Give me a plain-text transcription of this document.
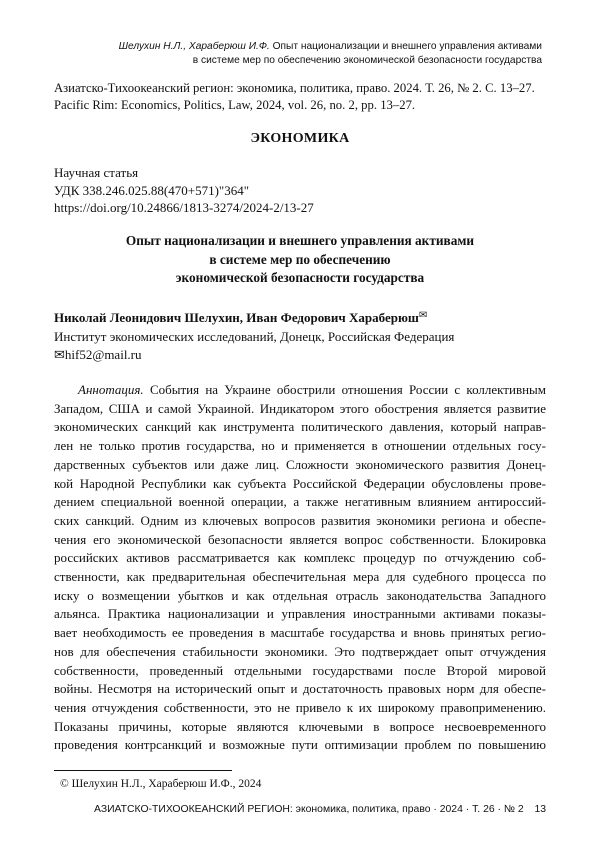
Шелухин Н.Л., Хараберюш И.Ф. Опыт национализации и внешнего управления активами
в системе мер по обеспечению экономической безопасности государства
Азиатско-Тихоокеанский регион: экономика, политика, право. 2024. Т. 26, № 2. С. 13–27.
Pacific Rim: Economics, Politics, Law, 2024, vol. 26, no. 2, pp. 13–27.
ЭКОНОМИКА
Научная статья
УДК 338.246.025.88(470+571)"364"
https://doi.org/10.24866/1813-3274/2024-2/13-27
Опыт национализации и внешнего управления активами
в системе мер по обеспечению
экономической безопасности государства
Николай Леонидович Шелухин, Иван Федорович Хараберюш✉
Институт экономических исследований, Донецк, Российская Федерация
✉hif52@mail.ru
Аннотация. События на Украине обострили отношения России с коллективным
Западом, США и самой Украиной. Индикатором этого обострения является развитие
экономических санкций как инструмента политического давления, который направ-
лен не только против государства, но и применяется в отношении отдельных госу-
дарственных субъектов или даже лиц. Сложности экономического развития Донец-
кой Народной Республики как субъекта Российской Федерации обусловлены прове-
дением специальной военной операции, а также негативным влиянием антироссий-
ских санкций. Одним из ключевых вопросов развития экономики региона и обеспе-
чения его экономической безопасности является вопрос собственности. Блокировка
российских активов рассматривается как комплекс процедур по отчуждению соб-
ственности, как предварительная обеспечительная мера для судебного процесса по
иску о возмещении убытков и как отдельная отрасль законодательства Западного
альянса. Практика национализации и управления иностранными активами показы-
вает необходимость ее проведения в масштабе государства и вновь принятых регио-
нов для обеспечения стабильности экономики. Это подтверждает опыт отчуждения
собственности, проведенный отдельными государствами после Второй мировой
войны. Несмотря на исторический опыт и достаточность правовых норм для обеспе-
чения отчуждения собственности, это не привело к их широкому правоприменению.
Показаны причины, которые являются ключевыми в вопросе несвоевременного
проведения контрсанкций и возможные пути оптимизации проблем по повышению
© Шелухин Н.Л., Хараберюш И.Ф., 2024
АЗИАТСКО-ТИХООКЕАНСКИЙ РЕГИОН: экономика, политика, право · 2024 · Т. 26 · № 2 13
